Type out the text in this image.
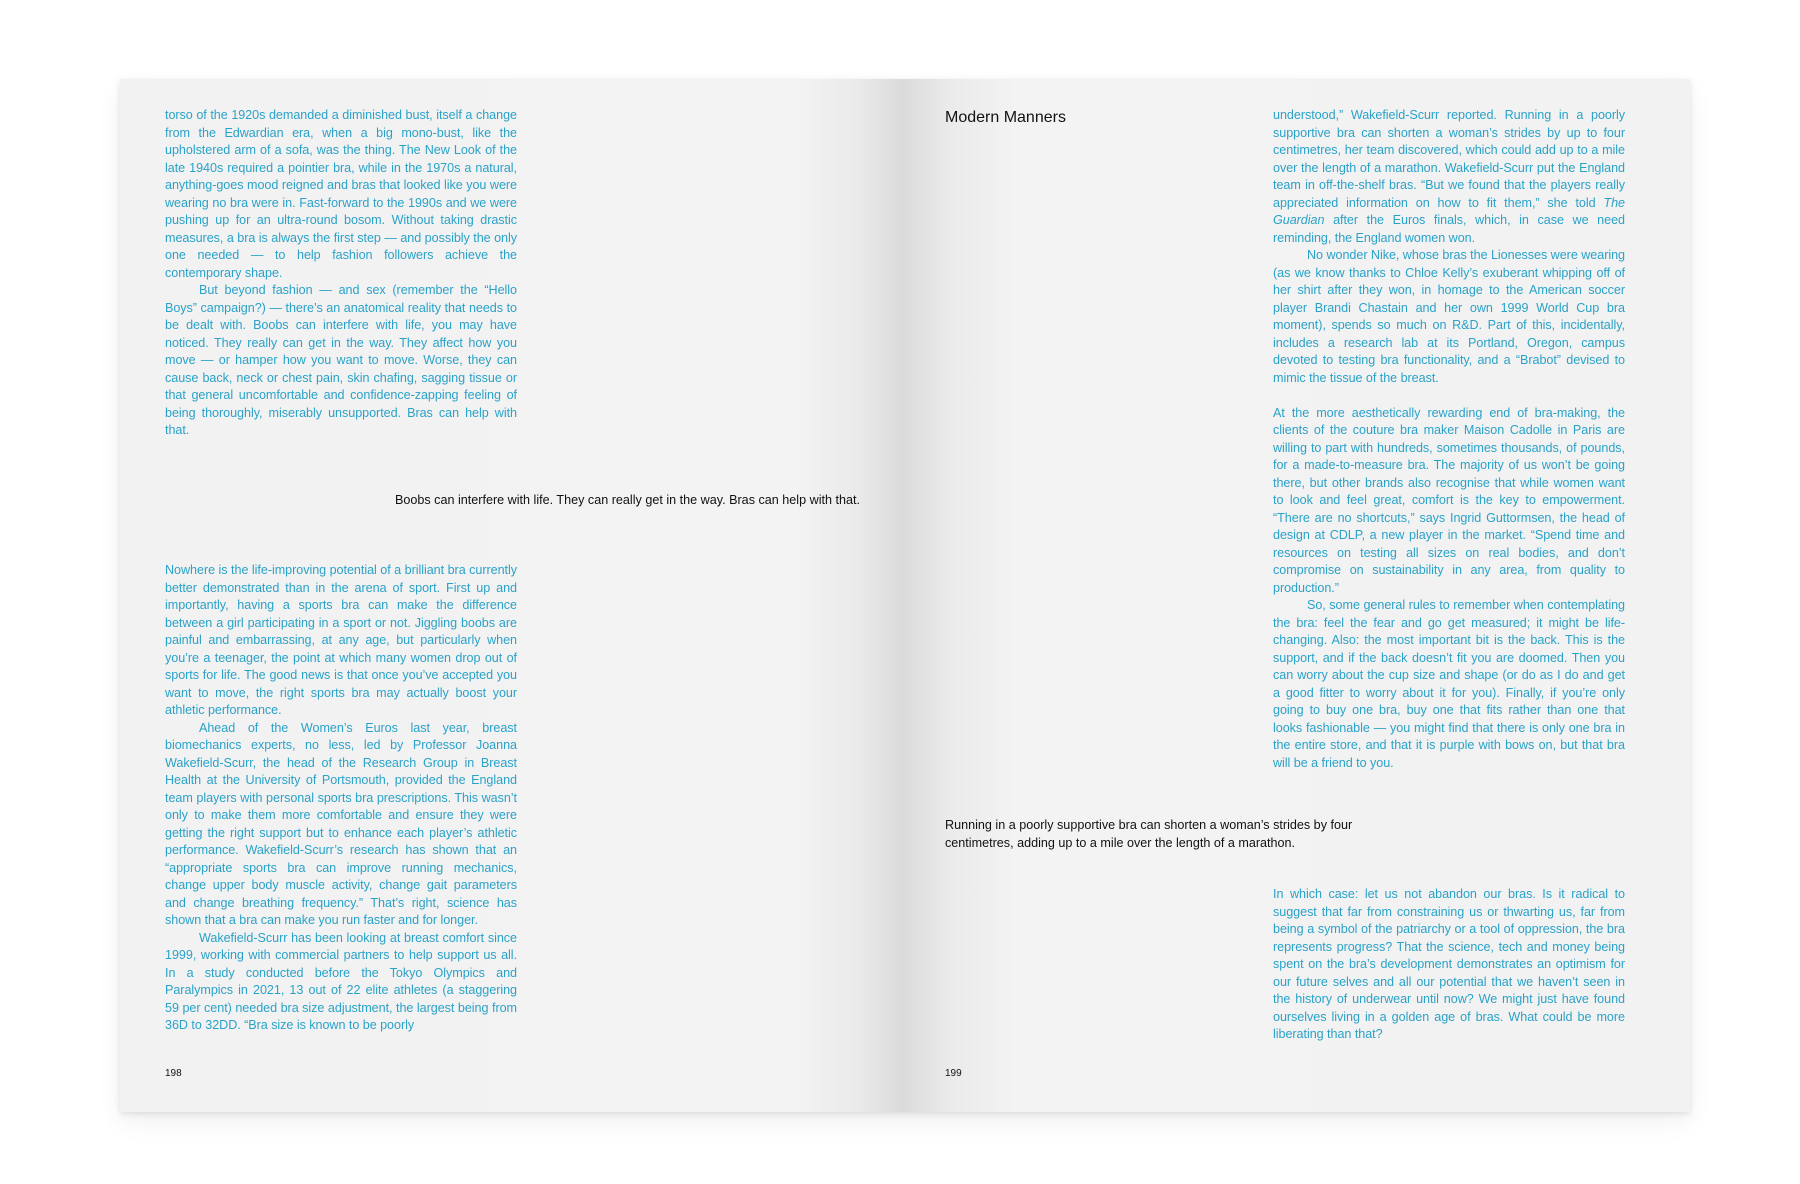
torso of the 1920s demanded a diminished bust, itself a change from the Edwardian era, when a big mono-bust, like the upholstered arm of a sofa, was the thing. The New Look of the late 1940s required a pointier bra, while in the 1970s a natural, anything-goes mood reigned and bras that looked like you were wearing no bra were in. Fast-forward to the 1990s and we were pushing up for an ultra-round bosom. Without taking drastic measures, a bra is always the first step — and possibly the only one needed — to help fashion followers achieve the contemporary shape.

But beyond fashion — and sex (remember the “Hello Boys” campaign?) — there’s an anatomical reality that needs to be dealt with. Boobs can interfere with life, you may have noticed. They really can get in the way. They affect how you move — or hamper how you want to move. Worse, they can cause back, neck or chest pain, skin chafing, sagging tissue or that general uncomfortable and confidence-zapping feeling of being thoroughly, miserably unsupported. Bras can help with that.

Boobs can interfere with life. They can really get in the way. Bras can help with that.

Nowhere is the life-improving potential of a brilliant bra currently better demonstrated than in the arena of sport. First up and importantly, having a sports bra can make the difference between a girl participating in a sport or not. Jiggling boobs are painful and embarrassing, at any age, but particularly when you’re a teenager, the point at which many women drop out of sports for life. The good news is that once you’ve accepted you want to move, the right sports bra may actually boost your athletic performance.

Ahead of the Women’s Euros last year, breast biomechanics experts, no less, led by Professor Joanna Wakefield-Scurr, the head of the Research Group in Breast Health at the University of Portsmouth, provided the England team players with personal sports bra prescriptions. This wasn’t only to make them more comfortable and ensure they were getting the right support but to enhance each player’s athletic performance. Wakefield-Scurr’s research has shown that an “appropriate sports bra can improve running mechanics, change upper body muscle activity, change gait parameters and change breathing frequency.” That’s right, science has shown that a bra can make you run faster and for longer.

Wakefield-Scurr has been looking at breast comfort since 1999, working with commercial partners to help support us all. In a study conducted before the Tokyo Olympics and Paralympics in 2021, 13 out of 22 elite athletes (a staggering 59 per cent) needed bra size adjustment, the largest being from 36D to 32DD. “Bra size is known to be poorly

198
Modern Manners	understood,” Wakefield-Scurr reported. Running in a poorly supportive bra can shorten a woman’s strides by up to four centimetres, her team discovered, which could add up to a mile over the length of a marathon. Wakefield-Scurr put the England team in off-the-shelf bras. “But we found that the players really appreciated information on how to fit them,” she told The Guardian after the Euros finals, which, in case we need reminding, the England women won.

No wonder Nike, whose bras the Lionesses were wearing (as we know thanks to Chloe Kelly’s exuberant whipping off of her shirt after they won, in homage to the American soccer player Brandi Chastain and her own 1999 World Cup bra moment), spends so much on R&D. Part of this, incidentally, includes a research lab at its Portland, Oregon, campus devoted to testing bra functionality, and a “Brabot” devised to mimic the tissue of the breast.

At the more aesthetically rewarding end of bra-making, the clients of the couture bra maker Maison Cadolle in Paris are willing to part with hundreds, sometimes thousands, of pounds, for a made-to-measure bra. The majority of us won’t be going there, but other brands also recognise that while women want to look and feel great, comfort is the key to empowerment. “There are no shortcuts,” says Ingrid Guttormsen, the head of design at CDLP, a new player in the market. “Spend time and resources on testing all sizes on real bodies, and don’t compromise on sustainability in any area, from quality to production.”

So, some general rules to remember when contemplating the bra: feel the fear and go get measured; it might be life-changing. Also: the most important bit is the back. This is the support, and if the back doesn’t fit you are doomed. Then you can worry about the cup size and shape (or do as I do and get a good fitter to worry about it for you). Finally, if you’re only going to buy one bra, buy one that fits rather than one that looks fashionable — you might find that there is only one bra in the entire store, and that it is purple with bows on, but that bra will be a friend to you.

Running in a poorly supportive bra can shorten a woman’s strides by four
centimetres, adding up to a mile over the length of a marathon.

In which case: let us not abandon our bras. Is it radical to suggest that far from constraining us or thwarting us, far from being a symbol of the patriarchy or a tool of oppression, the bra represents progress? That the science, tech and money being spent on the bra’s development demonstrates an optimism for our future selves and all our potential that we haven’t seen in the history of underwear until now? We might just have found ourselves living in a golden age of bras. What could be more liberating than that?

199
